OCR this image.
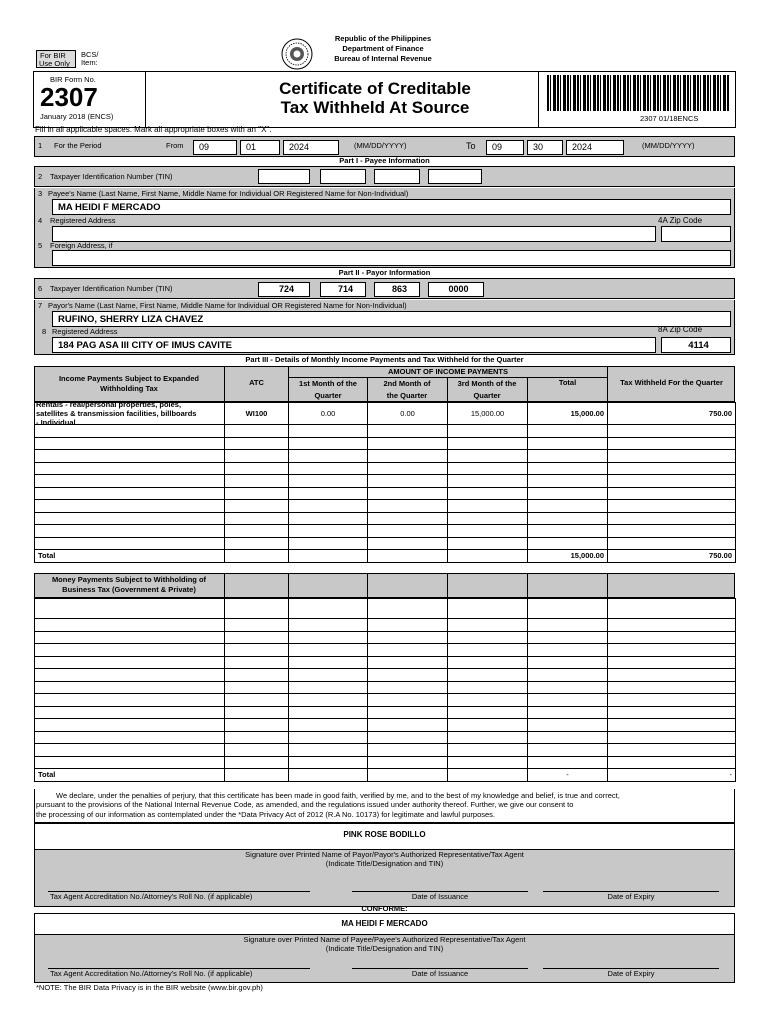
For BIR
Use Only
BCS/
Item:
Republic of the Philippines
Department of Finance
Bureau of Internal Revenue
BIR Form No.
2307
January 2018 (ENCS)
Certificate of Creditable
Tax Withheld At Source
2307 01/18ENCS
Fill in all applicable spaces. Mark all appropriate boxes with an "X".
1 For the Period	From	09	01	2024	(MM/DD/YYYY)	To	09	30	2024	(MM/DD/YYYY)
Part I - Payee Information
2 Taxpayer Identification Number (TIN)
3 Payee's Name (Last Name, First Name, Middle Name for Individual OR Registered Name for Non-Individual)
MA HEIDI F MERCADO
4 Registered Address	4A Zip Code
5 Foreign Address, if
Part II - Payor Information
6 Taxpayer Identification Number (TIN)	724	714	863	0000
7 Payor's Name (Last Name, First Name, Middle Name for Individual OR Registered Name for Non-Individual)
RUFINO, SHERRY LIZA CHAVEZ
8 Registered Address	8A Zip Code
184 PAG ASA III CITY OF IMUS CAVITE	4114
Part III - Details of Monthly Income Payments and Tax Withheld for the Quarter
Income Payments Subject to Expanded Withholding Tax
ATC
AMOUNT OF INCOME PAYMENTS
1st Month of the Quarter
2nd Month of the Quarter
3rd Month of the Quarter
Total	Tax Withheld For the Quarter
Rentals - real/personal properties, poles,
satellites & transmission facilities, billboards
- Individual
	WI100	0.00	0.00	15,000.00	15,000.00	750.00

Total					15,000.00	750.00
Money Payments Subject to Withholding of Business Tax (Government & Private)

Total					-	-
We declare, under the penalties of perjury, that this certificate has been made in good faith, verified by me, and to the best of my knowledge and belief, is true and correct,
pursuant to the provisions of the National Internal Revenue Code, as amended, and the regulations issued under authority thereof. Further, we give our consent to
the processing of our information as contemplated under the *Data Privacy Act of 2012 (R.A No. 10173) for legitimate and lawful purposes.
PINK ROSE BODILLO
Signature over Printed Name of Payor/Payor's Authorized Representative/Tax Agent
(Indicate Title/Designation and TIN)
Tax Agent Accreditation No./Attorney's Roll No. (if applicable)	Date of Issuance	Date of Expiry
CONFORME:
MA HEIDI F MERCADO
Signature over Printed Name of Payee/Payee's Authorized Representative/Tax Agent
(Indicate Title/Designation and TIN)
Tax Agent Accreditation No./Attorney's Roll No. (if applicable)	Date of Issuance	Date of Expiry
*NOTE: The BIR Data Privacy is in the BIR website (www.bir.gov.ph)
